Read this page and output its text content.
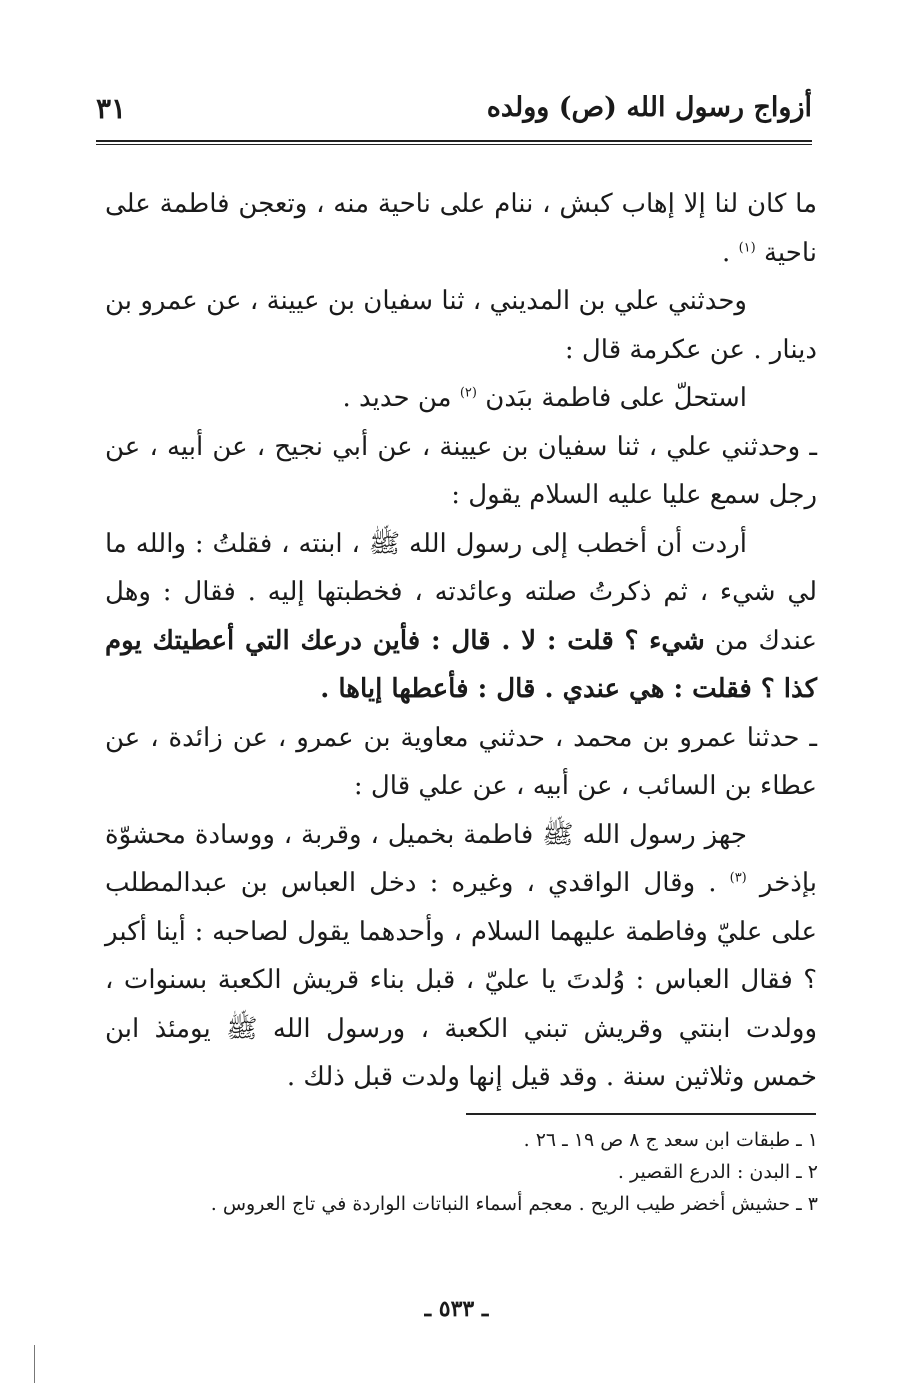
أزواج رسول الله (ص) وولده
٣١

ما كان لنا إلا إهاب كبش ، ننام على ناحية منه ، وتعجن فاطمة على ناحية $^{(١)}$ .

وحدثني علي بن المديني ، ثنا سفيان بن عيينة ، عن عمرو بن دينار . عن عكرمة قال :

استحلّ على فاطمة ببَدن $^{(٢)}$ من حديد .

ـ وحدثني علي ، ثنا سفيان بن عيينة ، عن أبي نجيح ، عن أبيه ، عن رجل سمع عليا عليه السلام يقول :

أردت أن أخطب إلى رسول الله ﷺ ، ابنته ، فقلتُ : والله ما لي شيء ، ثم ذكرتُ صلته وعائدته ، فخطبتها إليه . فقال : وهل عندك من شيء ؟ قلت : لا . قال : فأين درعك التي أعطيتك يوم كذا ؟ فقلت : هي عندي . قال : فأعطها إياها .

ـ حدثنا عمرو بن محمد ، حدثني معاوية بن عمرو ، عن زائدة ، عن عطاء بن السائب ، عن أبيه ، عن علي قال :

جهز رسول الله ﷺ فاطمة بخميل ، وقربة ، ووسادة محشوّة بإذخر $^{(٣)}$ . وقال الواقدي ، وغيره : دخل العباس بن عبدالمطلب على عليّ وفاطمة عليهما السلام ، وأحدهما يقول لصاحبه : أينا أكبر ؟ فقال العباس : وُلدتَ يا عليّ ، قبل بناء قريش الكعبة بسنوات ، وولدت ابنتي وقريش تبني الكعبة ، ورسول الله ﷺ يومئذ ابن خمس وثلاثين سنة . وقد قيل إنها ولدت قبل ذلك .

١ ـ طبقات ابن سعد ج ٨ ص ١٩ ـ ٢٦ .
٢ ـ البدن : الدرع القصير .
٣ ـ حشيش أخضر طيب الريح . معجم أسماء النباتات الواردة في تاج العروس .
ـ ٥٣٣ ـ
